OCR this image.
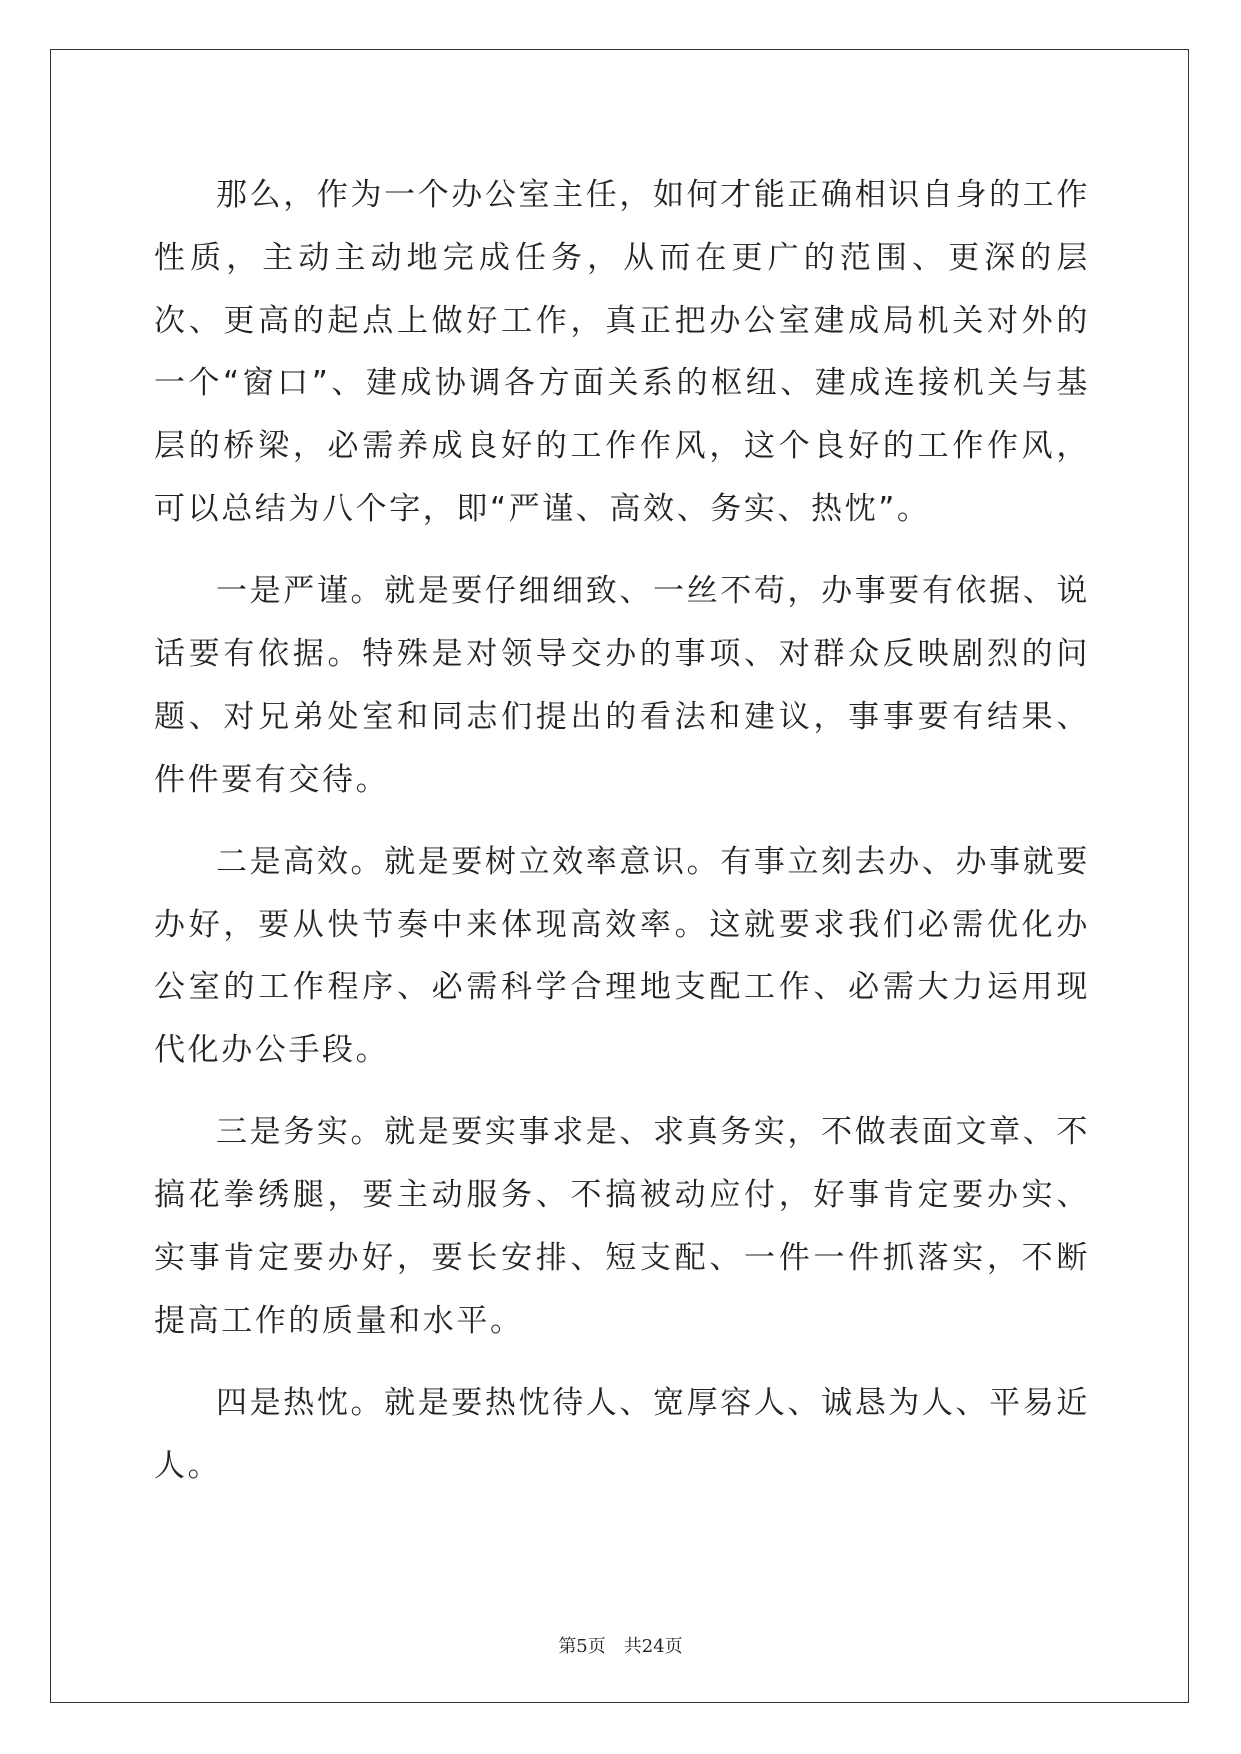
那么，作为一个办公室主任，如何才能正确相识自身的工作性质，主动主动地完成任务，从而在更广的范围、更深的层次、更高的起点上做好工作，真正把办公室建成局机关对外的一个“窗口”、建成协调各方面关系的枢纽、建成连接机关与基层的桥梁，必需养成良好的工作作风，这个良好的工作作风，可以总结为八个字，即“严谨、高效、务实、热忱”。

一是严谨。就是要仔细细致、一丝不苟，办事要有依据、说话要有依据。特殊是对领导交办的事项、对群众反映剧烈的问题、对兄弟处室和同志们提出的看法和建议，事事要有结果、件件要有交待。

二是高效。就是要树立效率意识。有事立刻去办、办事就要办好，要从快节奏中来体现高效率。这就要求我们必需优化办公室的工作程序、必需科学合理地支配工作、必需大力运用现代化办公手段。

三是务实。就是要实事求是、求真务实，不做表面文章、不搞花拳绣腿，要主动服务、不搞被动应付，好事肯定要办实、实事肯定要办好，要长安排、短支配、一件一件抓落实，不断提高工作的质量和水平。

四是热忱。就是要热忱待人、宽厚容人、诚恳为人、平易近人。

第5页　共24页
